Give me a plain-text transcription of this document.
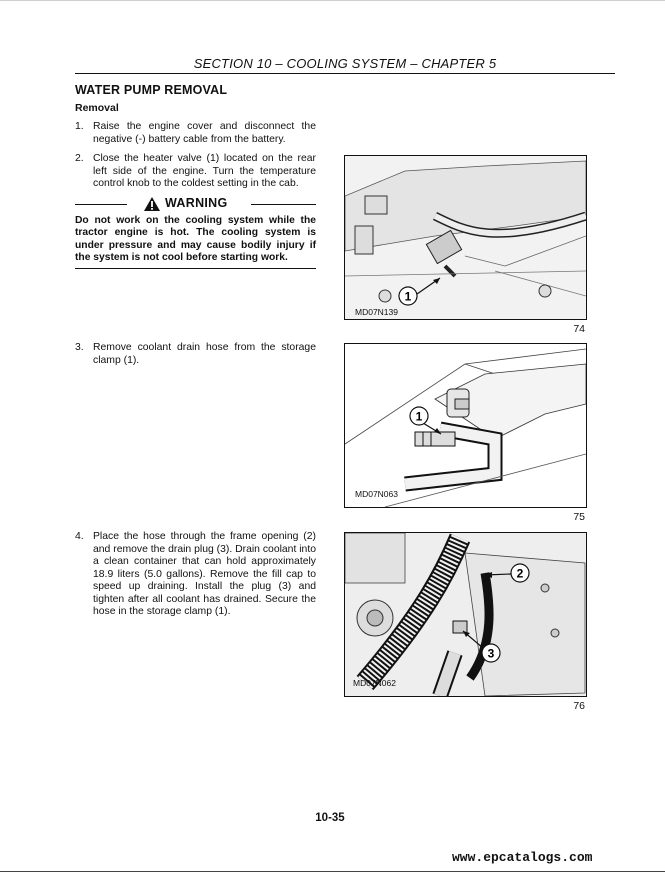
SECTION 10 – COOLING SYSTEM – CHAPTER 5
WATER PUMP REMOVAL
Removal
1. Raise the engine cover and disconnect the negative (-) battery cable from the battery.
2. Close the heater valve (1) located on the rear left side of the engine. Turn the temperature control knob to the coldest setting in the cab.
WARNING
Do not work on the cooling system while the tractor engine is hot. The cooling system is under pressure and may cause bodily injury if the system is not cool before starting work.
1
MD07N139
74
3. Remove coolant drain hose from the storage clamp (1).
1
MD07N063
75
4. Place the hose through the frame opening (2) and remove the drain plug (3). Drain coolant into a clean container that can hold approximately 18.9 liters (5.0 gallons). Remove the fill cap to speed up draining. Install the plug (3) and tighten after all coolant has drained. Secure the hose in the storage clamp (1).
2
3
MD07N062
76
10-35
www.epcatalogs.com
